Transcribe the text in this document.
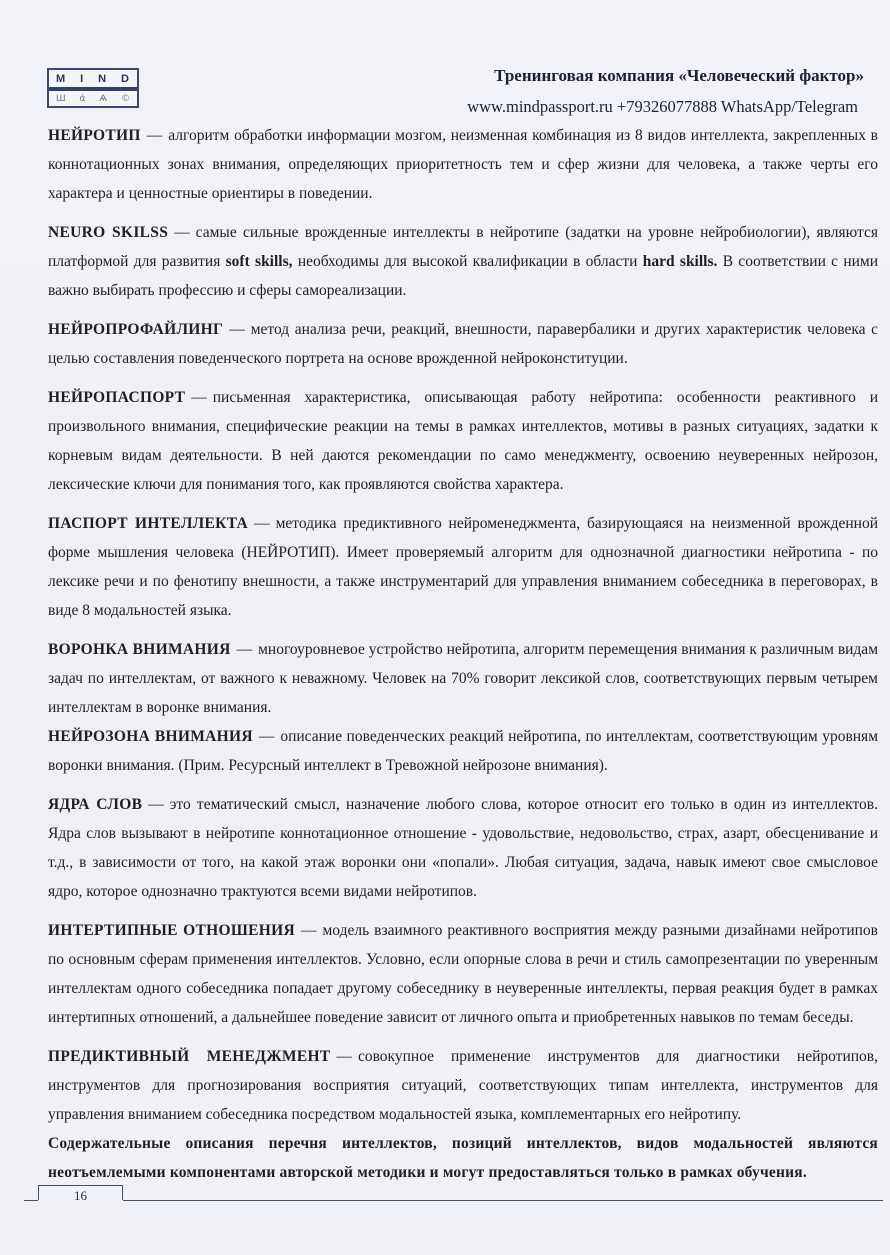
M I N D
Ш ά Ѧ ©
Тренинговая компания «Человеческий фактор»
www.mindpassport.ru +79326077888 WhatsApp/Telegram

НЕЙРОТИП — алгоритм обработки информации мозгом, неизменная комбинация из 8 видов интеллекта, закрепленных в коннотационных зонах внимания, определяющих приоритетность тем и сфер жизни для человека, а также черты его характера и ценностные ориентиры в поведении.

NEURO SKILSS — самые сильные врожденные интеллекты в нейротипе (задатки на уровне нейробиологии), являются платформой для развития soft skills, необходимы для высокой квалификации в области hard skills. В соответствии с ними важно выбирать профессию и сферы самореализации.

НЕЙРОПРОФАЙЛИНГ — метод анализа речи, реакций, внешности, паравербалики и других характеристик человека с целью составления поведенческого портрета на основе врожденной нейроконституции.

НЕЙРОПАСПОРТ — письменная характеристика, описывающая работу нейротипа: особенности реактивного и произвольного внимания, специфические реакции на темы в рамках интеллектов, мотивы в разных ситуациях, задатки к корневым видам деятельности. В ней даются рекомендации по само менеджменту, освоению неуверенных нейрозон, лексические ключи для понимания того, как проявляются свойства характера.

ПАСПОРТ ИНТЕЛЛЕКТА — методика предиктивного нейроменеджмента, базирующаяся на неизменной врожденной форме мышления человека (НЕЙРОТИП). Имеет проверяемый алгоритм для однозначной диагностики нейротипа - по лексике речи и по фенотипу внешности, а также инструментарий для управления вниманием собеседника в переговорах, в виде 8 модальностей языка.

ВОРОНКА ВНИМАНИЯ — многоуровневое устройство нейротипа, алгоритм перемещения внимания к различным видам задач по интеллектам, от важного к неважному. Человек на 70% говорит лексикой слов, соответствующих первым четырем интеллектам в воронке внимания.

НЕЙРОЗОНА ВНИМАНИЯ — описание поведенческих реакций нейротипа, по интеллектам, соответствующим уровням воронки внимания. (Прим. Ресурсный интеллект в Тревожной нейрозоне внимания).

ЯДРА СЛОВ — это тематический смысл, назначение любого слова, которое относит его только в один из интеллектов. Ядра слов вызывают в нейротипе коннотационное отношение - удовольствие, недовольство, страх, азарт, обесценивание и т.д., в зависимости от того, на какой этаж воронки они «попали». Любая ситуация, задача, навык имеют свое смысловое ядро, которое однозначно трактуются всеми видами нейротипов.

ИНТЕРТИПНЫЕ ОТНОШЕНИЯ — модель взаимного реактивного восприятия между разными дизайнами нейротипов по основным сферам применения интеллектов. Условно, если опорные слова в речи и стиль самопрезентации по уверенным интеллектам одного собеседника попадает другому собеседнику в неуверенные интеллекты, первая реакция будет в рамках интертипных отношений, а дальнейшее поведение зависит от личного опыта и приобретенных навыков по темам беседы.

ПРЕДИКТИВНЫЙ МЕНЕДЖМЕНТ — совокупное применение инструментов для диагностики нейротипов, инструментов для прогнозирования восприятия ситуаций, соответствующих типам интеллекта, инструментов для управления вниманием собеседника посредством модальностей языка, комплементарных его нейротипу.

Содержательные описания перечня интеллектов, позиций интеллектов, видов модальностей являются неотъемлемыми компонентами авторской методики и могут предоставляться только в рамках обучения.

16
